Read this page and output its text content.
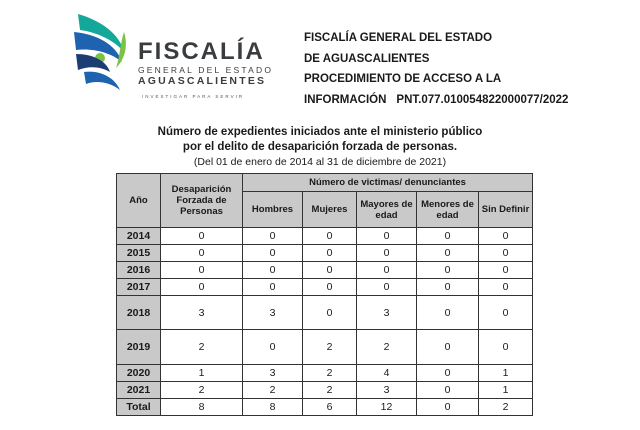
FISCALÍA
GENERAL DEL ESTADO
AGUASCALIENTES
INVESTIGAR PARA SERVIR
FISCALÍA GENERAL DEL ESTADO
DE AGUASCALIENTES
PROCEDIMIENTO DE ACCESO A LA
INFORMACIÓN PNT.077.010054822000077/2022
Número de expedientes iniciados ante el ministerio público
por el delito de desaparición forzada de personas.
(Del 01 de enero de 2014 al 31 de diciembre de 2021)
Año	Desaparición Forzada de Personas	Número de victimas/ denunciantes				
		Hombres	Mujeres	Mayores de edad	Menores de edad	Sin Definir
2014	0	0	0	0	0	0
2015	0	0	0	0	0	0
2016	0	0	0	0	0	0
2017	0	0	0	0	0	0
2018	3	3	0	3	0	0
2019	2	0	2	2	0	0
2020	1	3	2	4	0	1
2021	2	2	2	3	0	1
Total	8	8	6	12	0	2
